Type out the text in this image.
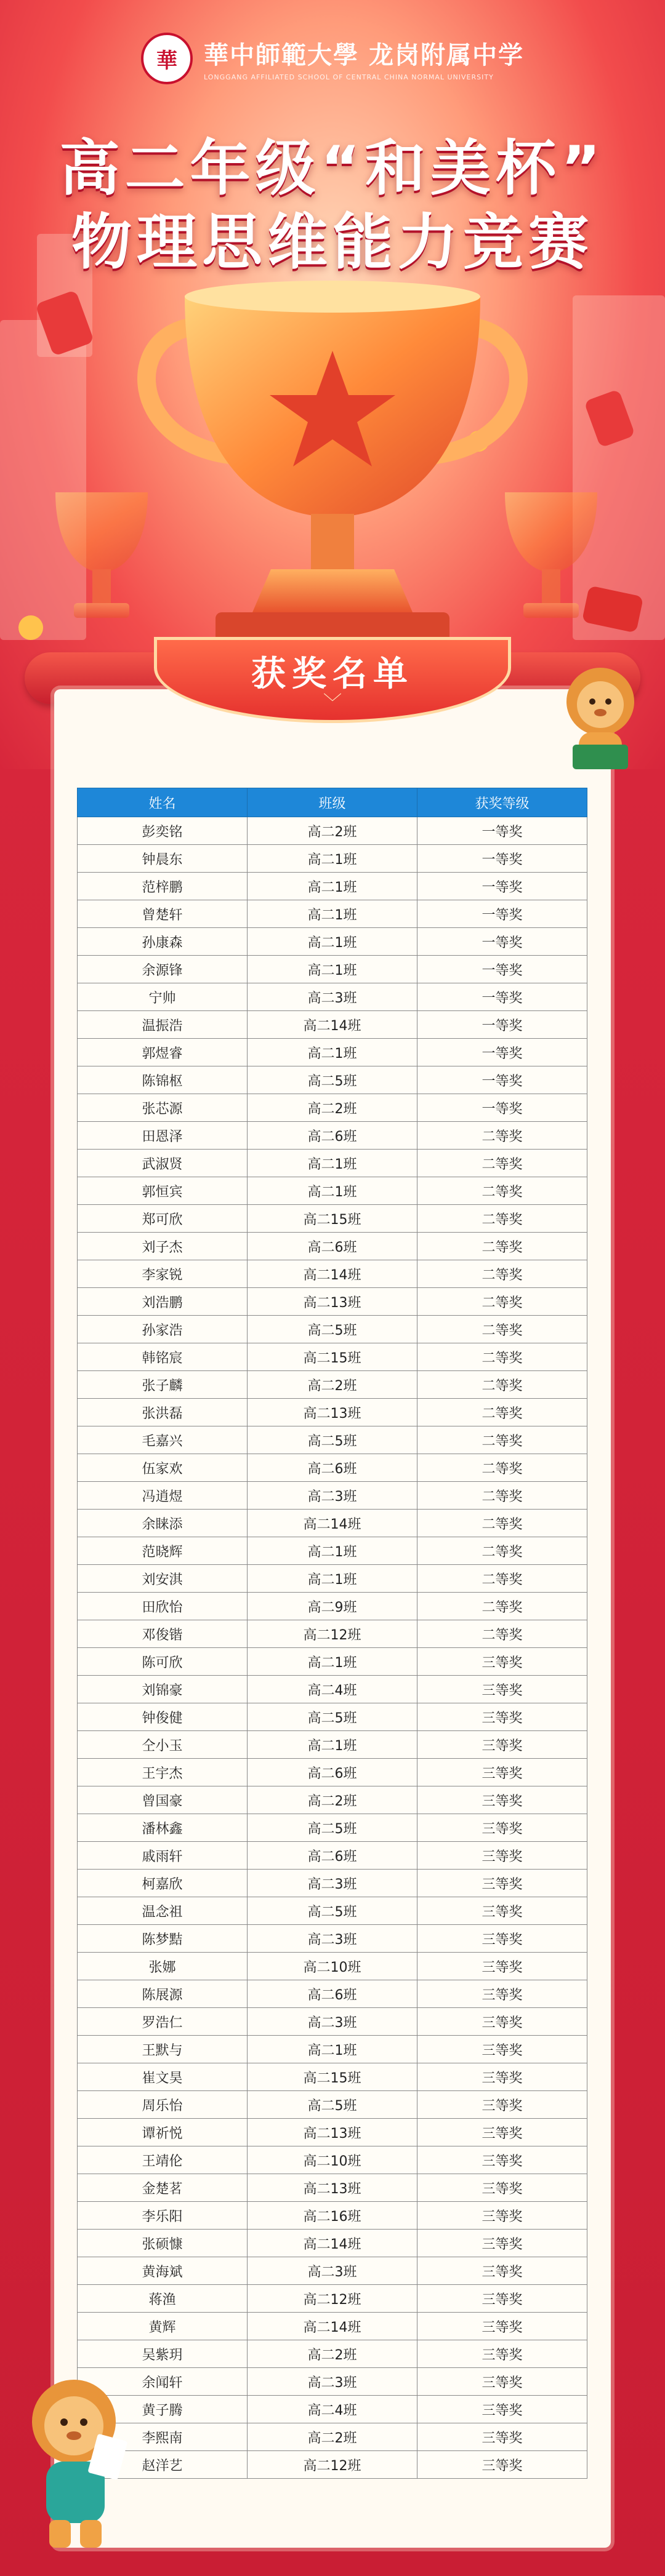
華 華中師範大學 龙岗附属中学
LONGGANG AFFILIATED SCHOOL OF CENTRAL CHINA NORMAL UNIVERSITY
高二年级“和美杯”
物理思维能力竞赛
获奖名单
﹀
姓名	班级	获奖等级
彭奕铭	高二2班	一等奖
钟晨东	高二1班	一等奖
范梓鹏	高二1班	一等奖
曾楚轩	高二1班	一等奖
孙康森	高二1班	一等奖
余源锋	高二1班	一等奖
宁帅	高二3班	一等奖
温振浩	高二14班	一等奖
郭煜睿	高二1班	一等奖
陈锦枢	高二5班	一等奖
张芯源	高二2班	一等奖
田恩泽	高二6班	二等奖
武淑贤	高二1班	二等奖
郭恒宾	高二1班	二等奖
郑可欣	高二15班	二等奖
刘子杰	高二6班	二等奖
李家锐	高二14班	二等奖
刘浩鹏	高二13班	二等奖
孙家浩	高二5班	二等奖
韩铭宸	高二15班	二等奖
张子麟	高二2班	二等奖
张洪磊	高二13班	二等奖
毛嘉兴	高二5班	二等奖
伍家欢	高二6班	二等奖
冯逍煜	高二3班	二等奖
余睐添	高二14班	二等奖
范晓辉	高二1班	二等奖
刘安淇	高二1班	二等奖
田欣怡	高二9班	二等奖
邓俊锴	高二12班	二等奖
陈可欣	高二1班	三等奖
刘锦豪	高二4班	三等奖
钟俊健	高二5班	三等奖
仝小玉	高二1班	三等奖
王宇杰	高二6班	三等奖
曾国豪	高二2班	三等奖
潘林鑫	高二5班	三等奖
戚雨轩	高二6班	三等奖
柯嘉欣	高二3班	三等奖
温念祖	高二5班	三等奖
陈梦黠	高二3班	三等奖
张娜	高二10班	三等奖
陈展源	高二6班	三等奖
罗浩仁	高二3班	三等奖
王默与	高二1班	三等奖
崔文昊	高二15班	三等奖
周乐怡	高二5班	三等奖
谭祈悦	高二13班	三等奖
王靖伦	高二10班	三等奖
金楚茗	高二13班	三等奖
李乐阳	高二16班	三等奖
张硕慷	高二14班	三等奖
黄海斌	高二3班	三等奖
蒋渔	高二12班	三等奖
黄辉	高二14班	三等奖
吴紫玥	高二2班	三等奖
余闻轩	高二3班	三等奖
黄子腾	高二4班	三等奖
李熙南	高二2班	三等奖
赵洋艺	高二12班	三等奖
